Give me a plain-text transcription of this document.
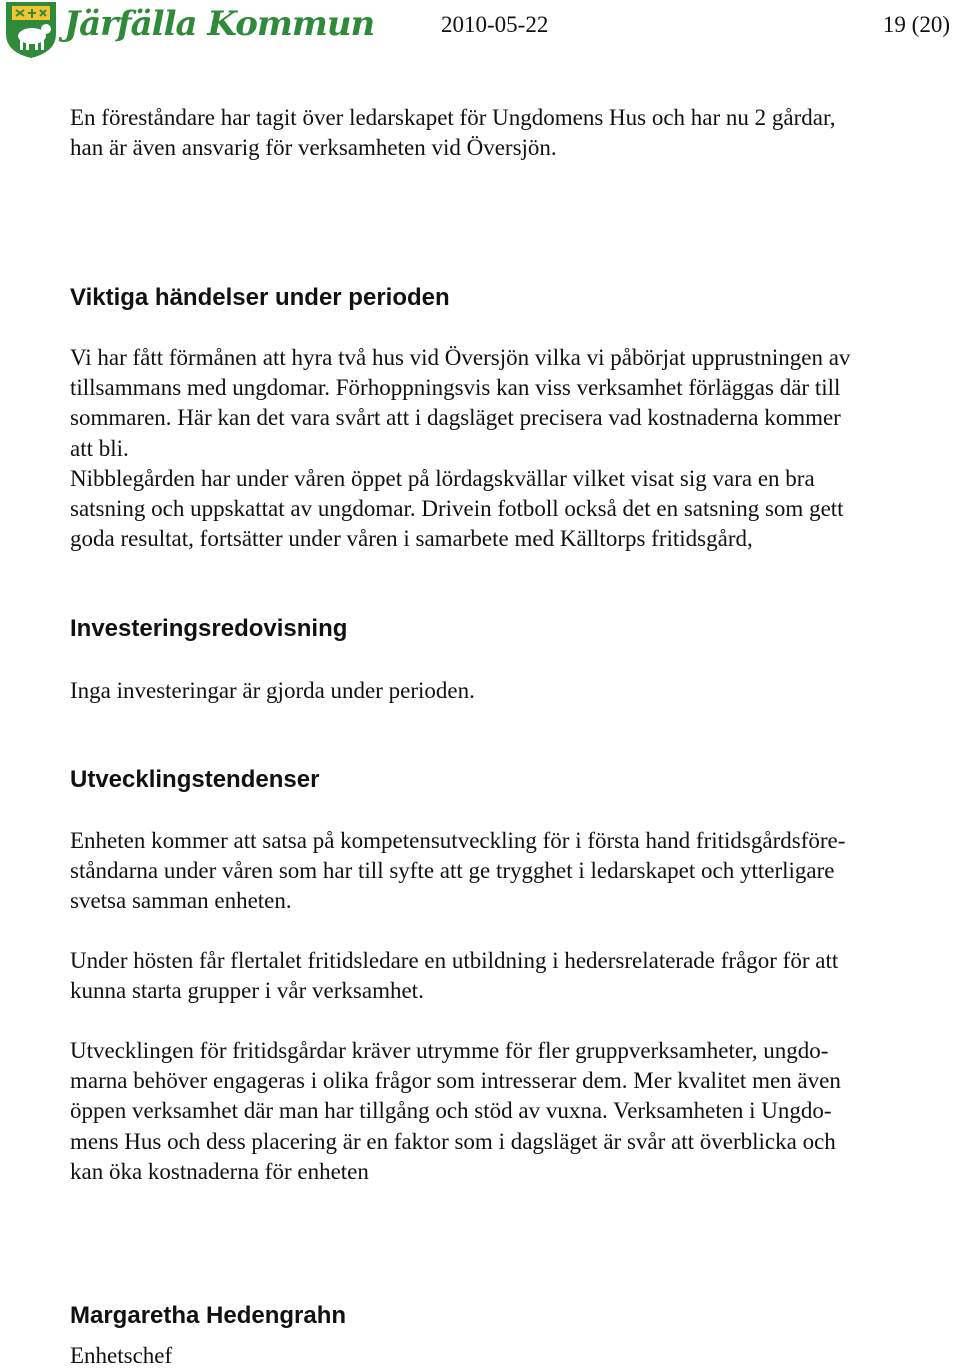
Järfälla Kommun	2010-05-22	19 (20)
En föreståndare har tagit över ledarskapet för Ungdomens Hus och har nu 2 gårdar,
han är även ansvarig för verksamheten vid Översjön.
Viktiga händelser under perioden
Vi har fått förmånen att hyra två hus vid Översjön vilka vi påbörjat upprustningen av
tillsammans med ungdomar. Förhoppningsvis kan viss verksamhet förläggas där till
sommaren. Här kan det vara svårt att i dagsläget precisera vad kostnaderna kommer
att bli.
Nibblegården har under våren öppet på lördagskvällar vilket visat sig vara en bra
satsning och uppskattat av ungdomar. Drivein fotboll också det en satsning som gett
goda resultat, fortsätter under våren i samarbete med Källtorps fritidsgård,
Investeringsredovisning
Inga investeringar är gjorda under perioden.
Utvecklingstendenser
Enheten kommer att satsa på kompetensutveckling för i första hand fritidsgårdsföre-
ståndarna under våren som har till syfte att ge trygghet i ledarskapet och ytterligare
svetsa samman enheten.
Under hösten får flertalet fritidsledare en utbildning i hedersrelaterade frågor för att
kunna starta grupper i vår verksamhet.
Utvecklingen för fritidsgårdar kräver utrymme för fler gruppverksamheter, ungdo-
marna behöver engageras i olika frågor som intresserar dem. Mer kvalitet men även
öppen verksamhet där man har tillgång och stöd av vuxna. Verksamheten i Ungdo-
mens Hus och dess placering är en faktor som i dagsläget är svår att överblicka och
kan öka kostnaderna för enheten
Margaretha Hedengrahn
Enhetschef
